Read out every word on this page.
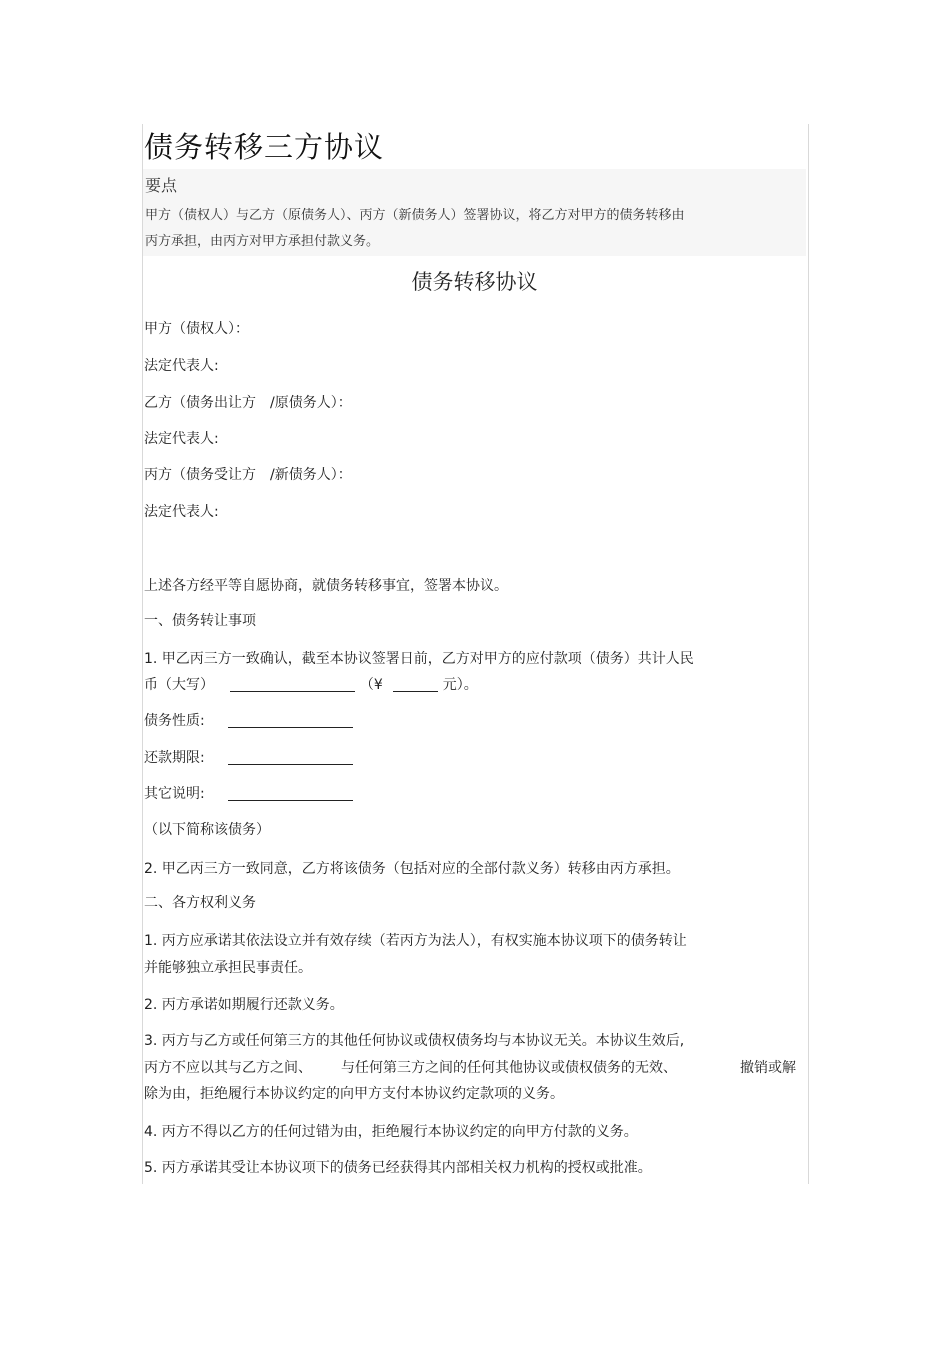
债务转移三方协议
要点
甲方（债权人）与乙方（原债务人）、丙方（新债务人）签署协议，将乙方对甲方的债务转移由
丙方承担，由丙方对甲方承担付款义务。
债务转移协议
甲方（债权人）：
法定代表人:
乙方（债务出让方　/原债务人）：
法定代表人:
丙方（债务受让方　/新债务人）：
法定代表人:
上述各方经平等自愿协商，就债务转移事宜，签署本协议。
一、债务转让事项
1. 甲乙丙三方一致确认，截至本协议签署日前，乙方对甲方的应付款项（债务）共计人民
币（大写）	（¥	元）。
债务性质:
还款期限:
其它说明:
（以下简称该债务）
2. 甲乙丙三方一致同意，乙方将该债务（包括对应的全部付款义务）转移由丙方承担。
二、各方权利义务
1. 丙方应承诺其依法设立并有效存续（若丙方为法人），有权实施本协议项下的债务转让
并能够独立承担民事责任。
2. 丙方承诺如期履行还款义务。
3. 丙方与乙方或任何第三方的其他任何协议或债权债务均与本协议无关。本协议生效后,
丙方不应以其与乙方之间、 与任何第三方之间的任何其他协议或债权债务的无效、	撤销或解
除为由，拒绝履行本协议约定的向甲方支付本协议约定款项的义务。
4. 丙方不得以乙方的任何过错为由，拒绝履行本协议约定的向甲方付款的义务。
5. 丙方承诺其受让本协议项下的债务已经获得其内部相关权力机构的授权或批准。
